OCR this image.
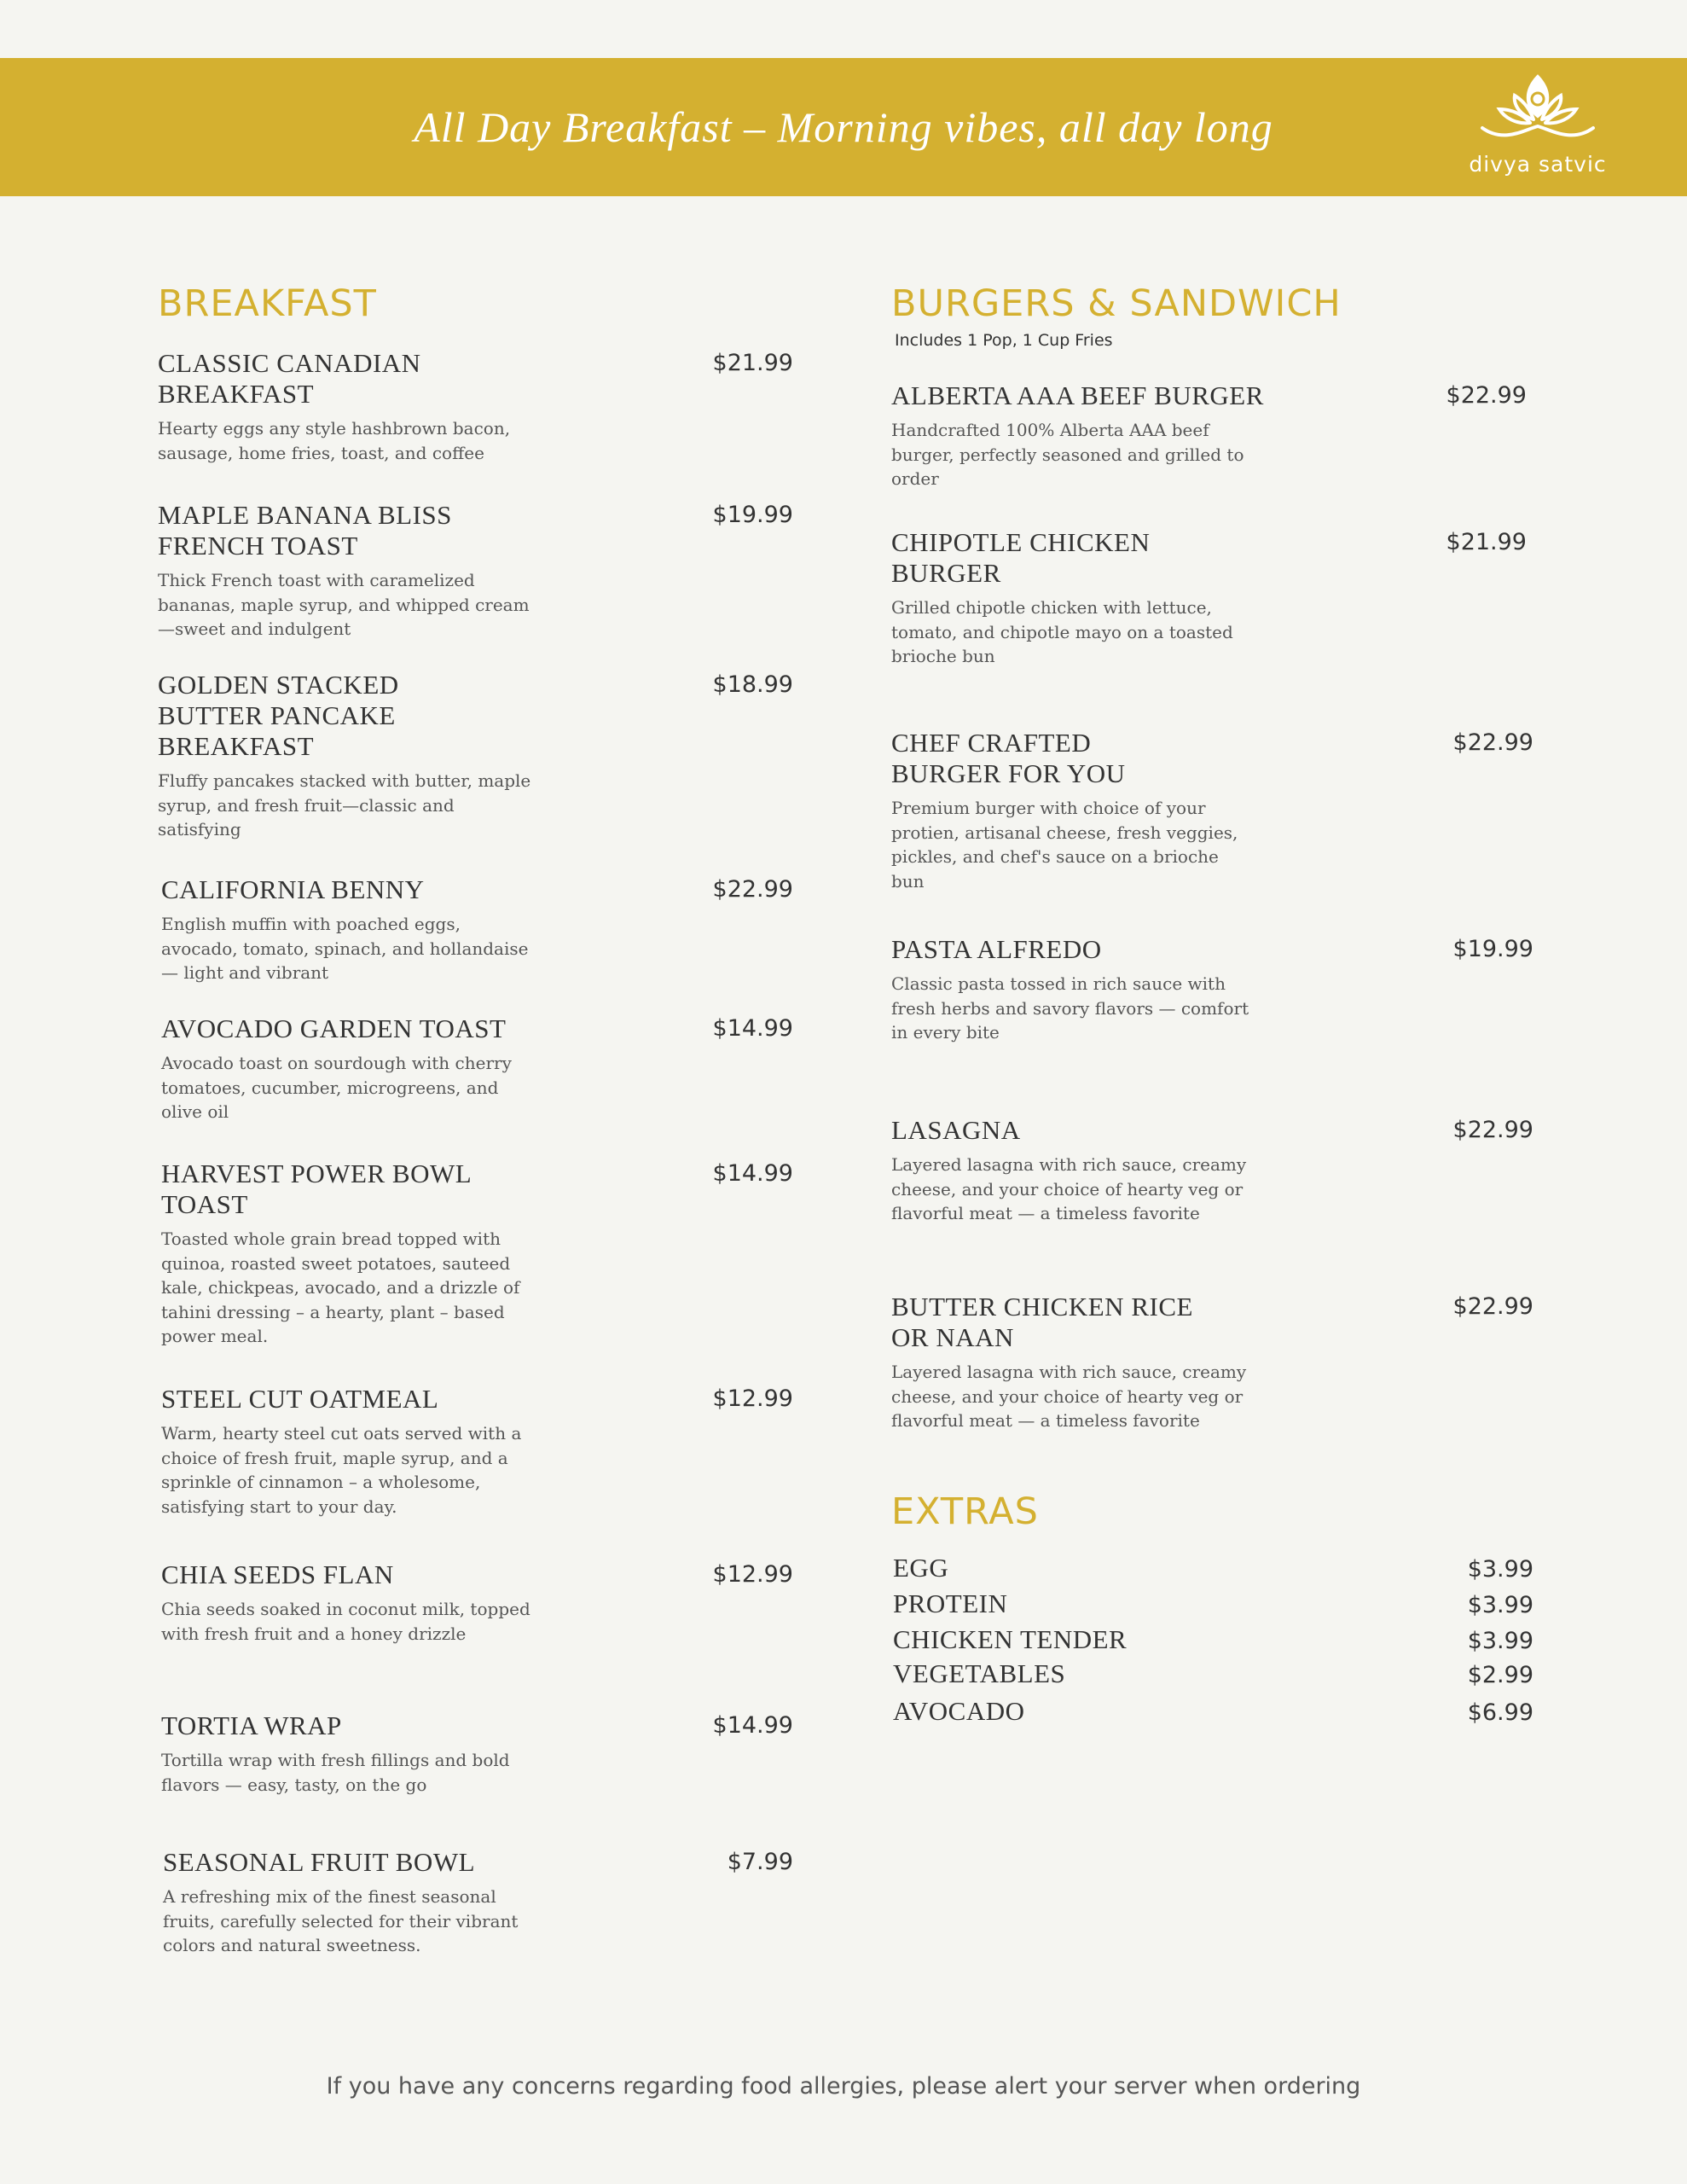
All Day Breakfast – Morning vibes, all day long
divya satvic
BREAKFAST
CLASSIC CANADIAN BREAKFAST
Hearty eggs any style hashbrown bacon, sausage, home fries, toast, and coffee
$21.99
MAPLE BANANA BLISS FRENCH TOAST
Thick French toast with caramelized bananas, maple syrup, and whipped cream—sweet and indulgent
$19.99
GOLDEN STACKED BUTTER PANCAKE BREAKFAST
Fluffy pancakes stacked with butter, maple syrup, and fresh fruit—classic and satisfying
$18.99
CALIFORNIA BENNY
English muffin with poached eggs, avocado, tomato, spinach, and hollandaise — light and vibrant
$22.99
AVOCADO GARDEN TOAST
Avocado toast on sourdough with cherry tomatoes, cucumber, microgreens, and olive oil
$14.99
HARVEST POWER BOWL TOAST
Toasted whole grain bread topped with quinoa, roasted sweet potatoes, sauteed kale, chickpeas, avocado, and a drizzle of tahini dressing – a hearty, plant – based power meal.
$14.99
STEEL CUT OATMEAL
Warm, hearty steel cut oats served with a choice of fresh fruit, maple syrup, and a sprinkle of cinnamon – a wholesome, satisfying start to your day.
$12.99
CHIA SEEDS FLAN
Chia seeds soaked in coconut milk, topped with fresh fruit and a honey drizzle
$12.99
TORTIA WRAP
Tortilla wrap with fresh fillings and bold flavors — easy, tasty, on the go
$14.99
SEASONAL FRUIT BOWL
A refreshing mix of the finest seasonal fruits, carefully selected for their vibrant colors and natural sweetness.
$7.99
BURGERS & SANDWICH
Includes 1 Pop, 1 Cup Fries
ALBERTA AAA BEEF BURGER
Handcrafted 100% Alberta AAA beef burger, perfectly seasoned and grilled to order
$22.99
CHIPOTLE CHICKEN BURGER
Grilled chipotle chicken with lettuce, tomato, and chipotle mayo on a toasted brioche bun
$21.99
CHEF CRAFTED BURGER FOR YOU
Premium burger with choice of your protien, artisanal cheese, fresh veggies, pickles, and chef's sauce on a brioche bun
$22.99
PASTA ALFREDO
Classic pasta tossed in rich sauce with fresh herbs and savory flavors — comfort in every bite
$19.99
LASAGNA
Layered lasagna with rich sauce, creamy cheese, and your choice of hearty veg or flavorful meat — a timeless favorite
$22.99
BUTTER CHICKEN RICE OR NAAN
Layered lasagna with rich sauce, creamy cheese, and your choice of hearty veg or flavorful meat — a timeless favorite
$22.99
EXTRAS
EGG	$3.99
PROTEIN	$3.99
CHICKEN TENDER	$3.99
VEGETABLES	$2.99
AVOCADO	$6.99
If you have any concerns regarding food allergies, please alert your server when ordering
